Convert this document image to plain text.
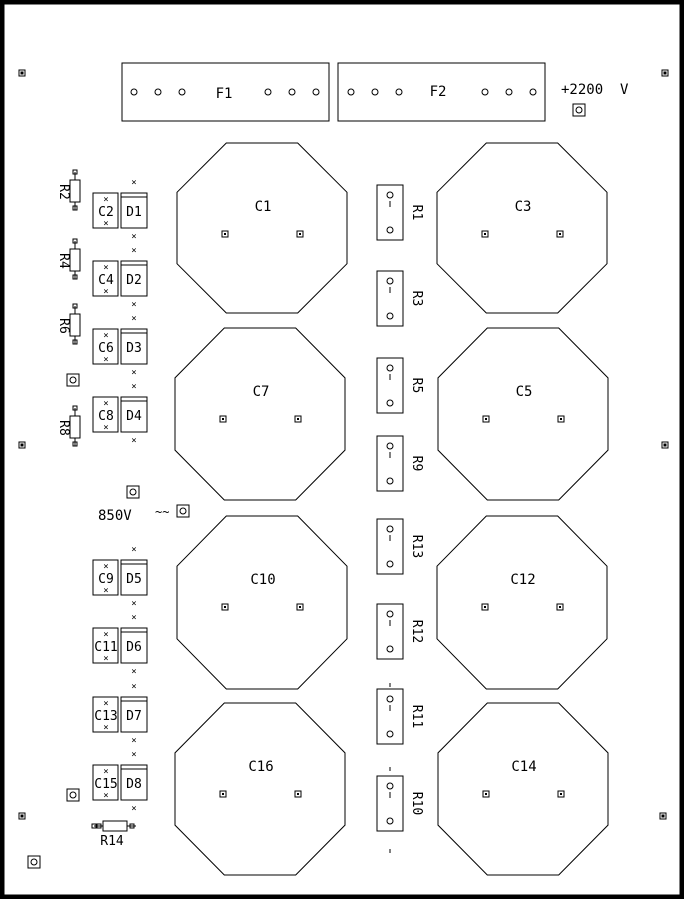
F1	F2	+2200  V
C1	C3
C7	C5
C10	C12
C16	C14
R1
R3
R5
R9
R13
R12
R11
R10
R2
R4
R6
R8
C2
×
×
D1
×
×
C4
×
×
D2
×
×
C6
×
×
D3
×
×
C8
×
×
D4
×
×
C9
×
×
D5
×
×
C11
×
×
D6
×
×
C13
×
×
D7
×
×
C15
×
×
D8
×
×
850V ~~
R14
